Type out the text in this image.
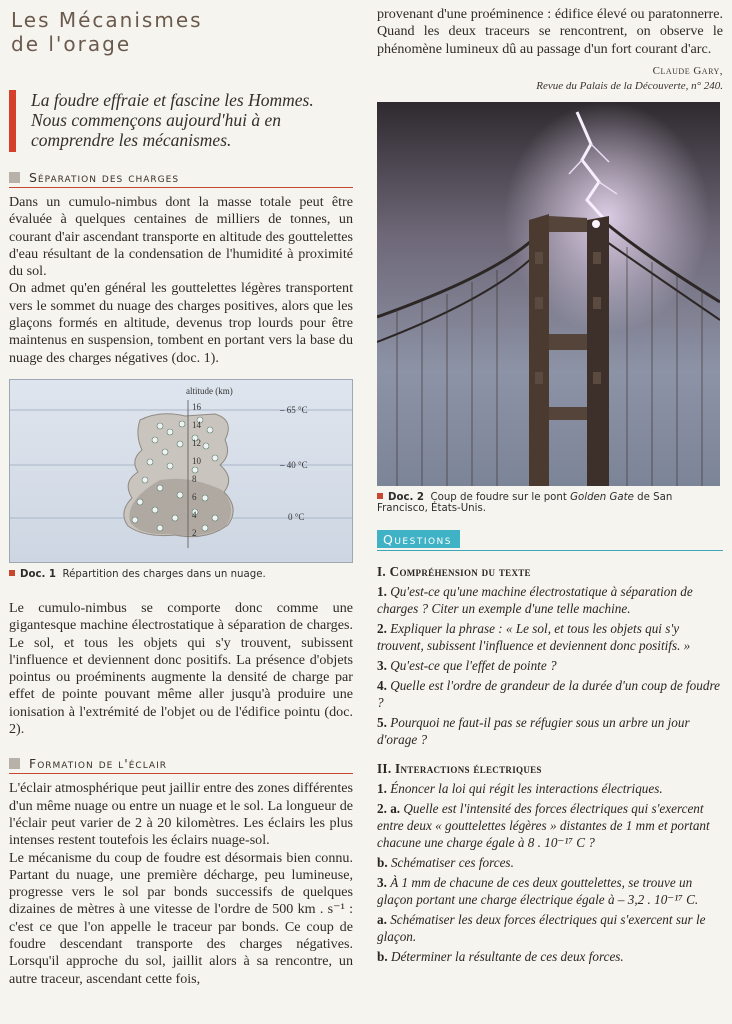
Les Mécanismes
de l'orage

La foudre effraie et fascine les Hommes. Nous commençons aujourd'hui à en comprendre les mécanismes.

Séparation des charges

Dans un cumulo-nimbus dont la masse totale peut être évaluée à quelques centaines de milliers de tonnes, un courant d'air ascendant transporte en altitude des gouttelettes d'eau résultant de la condensation de l'humidité à proximité du sol.

On admet qu'en général les gouttelettes légères transportent vers le sommet du nuage des charges positives, alors que les glaçons formés en altitude, devenus trop lourds pour être maintenus en suspension, tombent en portant vers la base du nuage des charges négatives (doc. 1).

altitude (km)
16
14
12
10
8
6
4
2
– 65 °C
– 40 °C
0 °C
Doc. 1 Répartition des charges dans un nuage.

Le cumulo-nimbus se comporte donc comme une gigantesque machine électrostatique à séparation de charges. Le sol, et tous les objets qui s'y trouvent, subissent l'influence et deviennent donc positifs. La présence d'objets pointus ou proéminents augmente la densité de charge par effet de pointe pouvant même aller jusqu'à produire une ionisation à l'extrémité de l'objet ou de l'édifice pointu (doc. 2).

Formation de l'éclair

L'éclair atmosphérique peut jaillir entre des zones différentes d'un même nuage ou entre un nuage et le sol. La longueur de l'éclair peut varier de 2 à 20 kilomètres. Les éclairs les plus intenses restent toutefois les éclairs nuage-sol.

Le mécanisme du coup de foudre est désormais bien connu. Partant du nuage, une première décharge, peu lumineuse, progresse vers le sol par bonds successifs de quelques dizaines de mètres à une vitesse de l'ordre de 500 km . s⁻¹ : c'est ce que l'on appelle le traceur par bonds. Ce coup de foudre descendant transporte des charges négatives. Lorsqu'il approche du sol, jaillit alors à sa rencontre, un autre traceur, ascendant cette fois,

provenant d'une proéminence : édifice élevé ou paratonnerre. Quand les deux traceurs se rencontrent, on observe le phénomène lumineux dû au passage d'un fort courant d'arc.

Claude Gary,
Revue du Palais de la Découverte, n° 240.
Doc. 2 Coup de foudre sur le pont Golden Gate de San Francisco, États-Unis.
Questions
I. Compréhension du texte

1. Qu'est-ce qu'une machine électrostatique à séparation de charges ? Citer un exemple d'une telle machine.

2. Expliquer la phrase : « Le sol, et tous les objets qui s'y trouvent, subissent l'influence et deviennent donc positifs. »

3. Qu'est-ce que l'effet de pointe ?

4. Quelle est l'ordre de grandeur de la durée d'un coup de foudre ?

5. Pourquoi ne faut-il pas se réfugier sous un arbre un jour d'orage ?

II. Interactions électriques

1. Énoncer la loi qui régit les interactions électriques.

2. a. Quelle est l'intensité des forces électriques qui s'exercent entre deux « gouttelettes légères » distantes de 1 mm et portant chacune une charge égale à 8 . 10⁻¹⁷ C ?

b. Schématiser ces forces.

3. À 1 mm de chacune de ces deux gouttelettes, se trouve un glaçon portant une charge électrique égale à – 3,2 . 10⁻¹⁷ C.

a. Schématiser les deux forces électriques qui s'exercent sur le glaçon.

b. Déterminer la résultante de ces deux forces.
